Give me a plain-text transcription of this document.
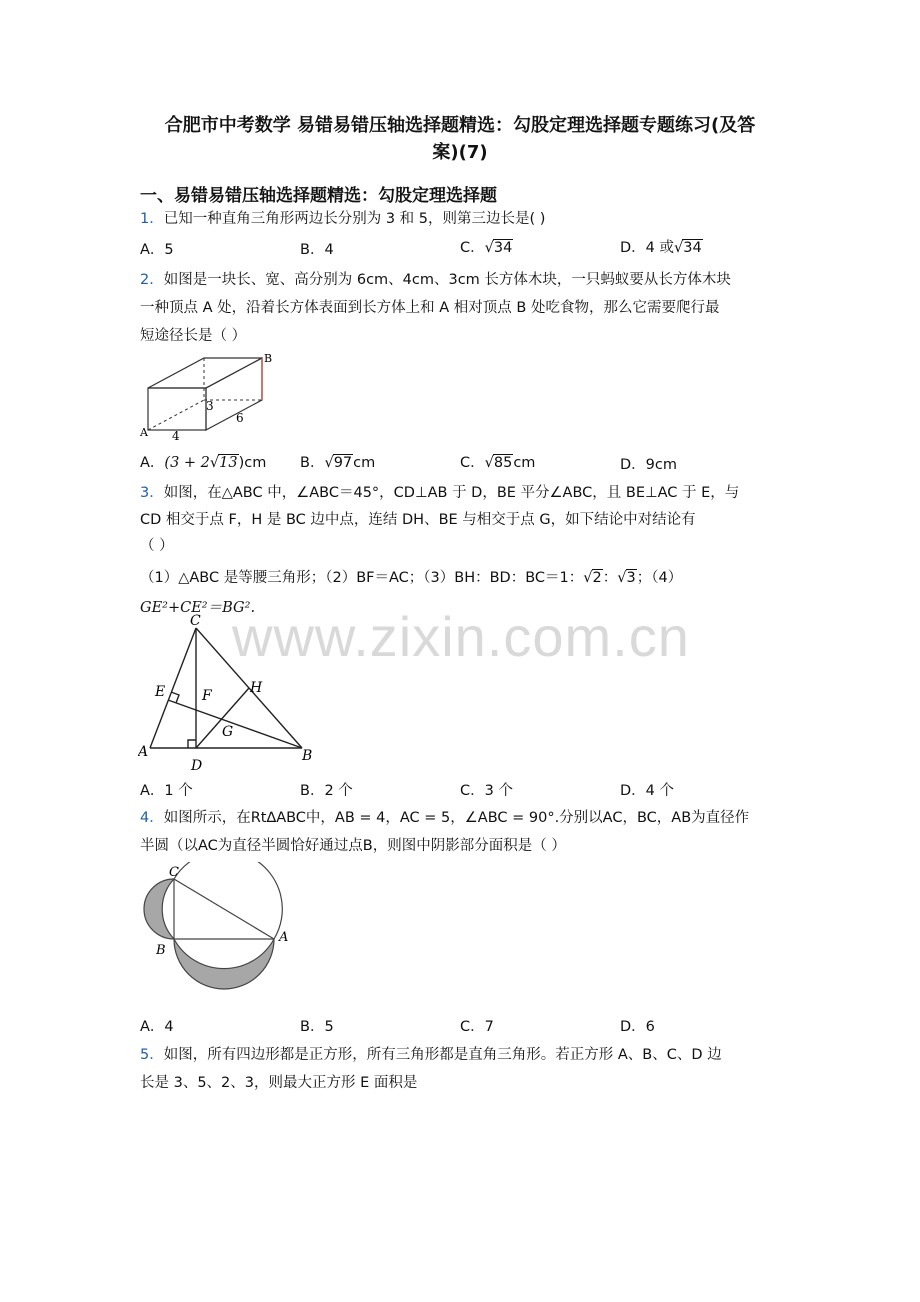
合肥市中考数学 易错易错压轴选择题精选：勾股定理选择题专题练习(及答
案)(7)
一、易错易错压轴选择题精选：勾股定理选择题
1．已知一种直角三角形两边长分别为 3 和 5，则第三边长是( )
A．5	B．4	C．√34	D．4 或√34
2．如图是一块长、宽、高分别为 6cm、4cm、3cm 长方体木块，一只蚂蚁要从长方体木块
一种顶点 A 处，沿着长方体表面到长方体上和 A 相对顶点 B 处吃食物，那么它需要爬行最
短途径长是（ ）
A
B
4
3
6
A．(3 + 2√13)cm B．√97cm	C．√85cm	D．9cm
3．如图，在△ABC 中，∠ABC＝45°，CD⊥AB 于 D，BE 平分∠ABC，且 BE⊥AC 于 E，与
CD 相交于点 F，H 是 BC 边中点，连结 DH、BE 与相交于点 G，如下结论中对结论有
（ ）
（1）△ABC 是等腰三角形；（2）BF＝AC；（3）BH：BD：BC＝1：√2：√3；（4）
GE²+CE²＝BG².
www.zixin.com.cn
C
E	F	H
G
A
D
B
A．1 个	B．2 个	C．3 个	D．4 个
4．如图所示，在Rt∆ABC中，AB = 4，AC = 5，∠ABC = 90°.分别以AC，BC，AB为直径作
半圆（以AC为直径半圆恰好通过点B，则图中阴影部分面积是（ ）
C
B
A
A．4	B．5	C．7	D．6
5．如图，所有四边形都是正方形，所有三角形都是直角三角形。若正方形 A、B、C、D 边
长是 3、5、2、3，则最大正方形 E 面积是
